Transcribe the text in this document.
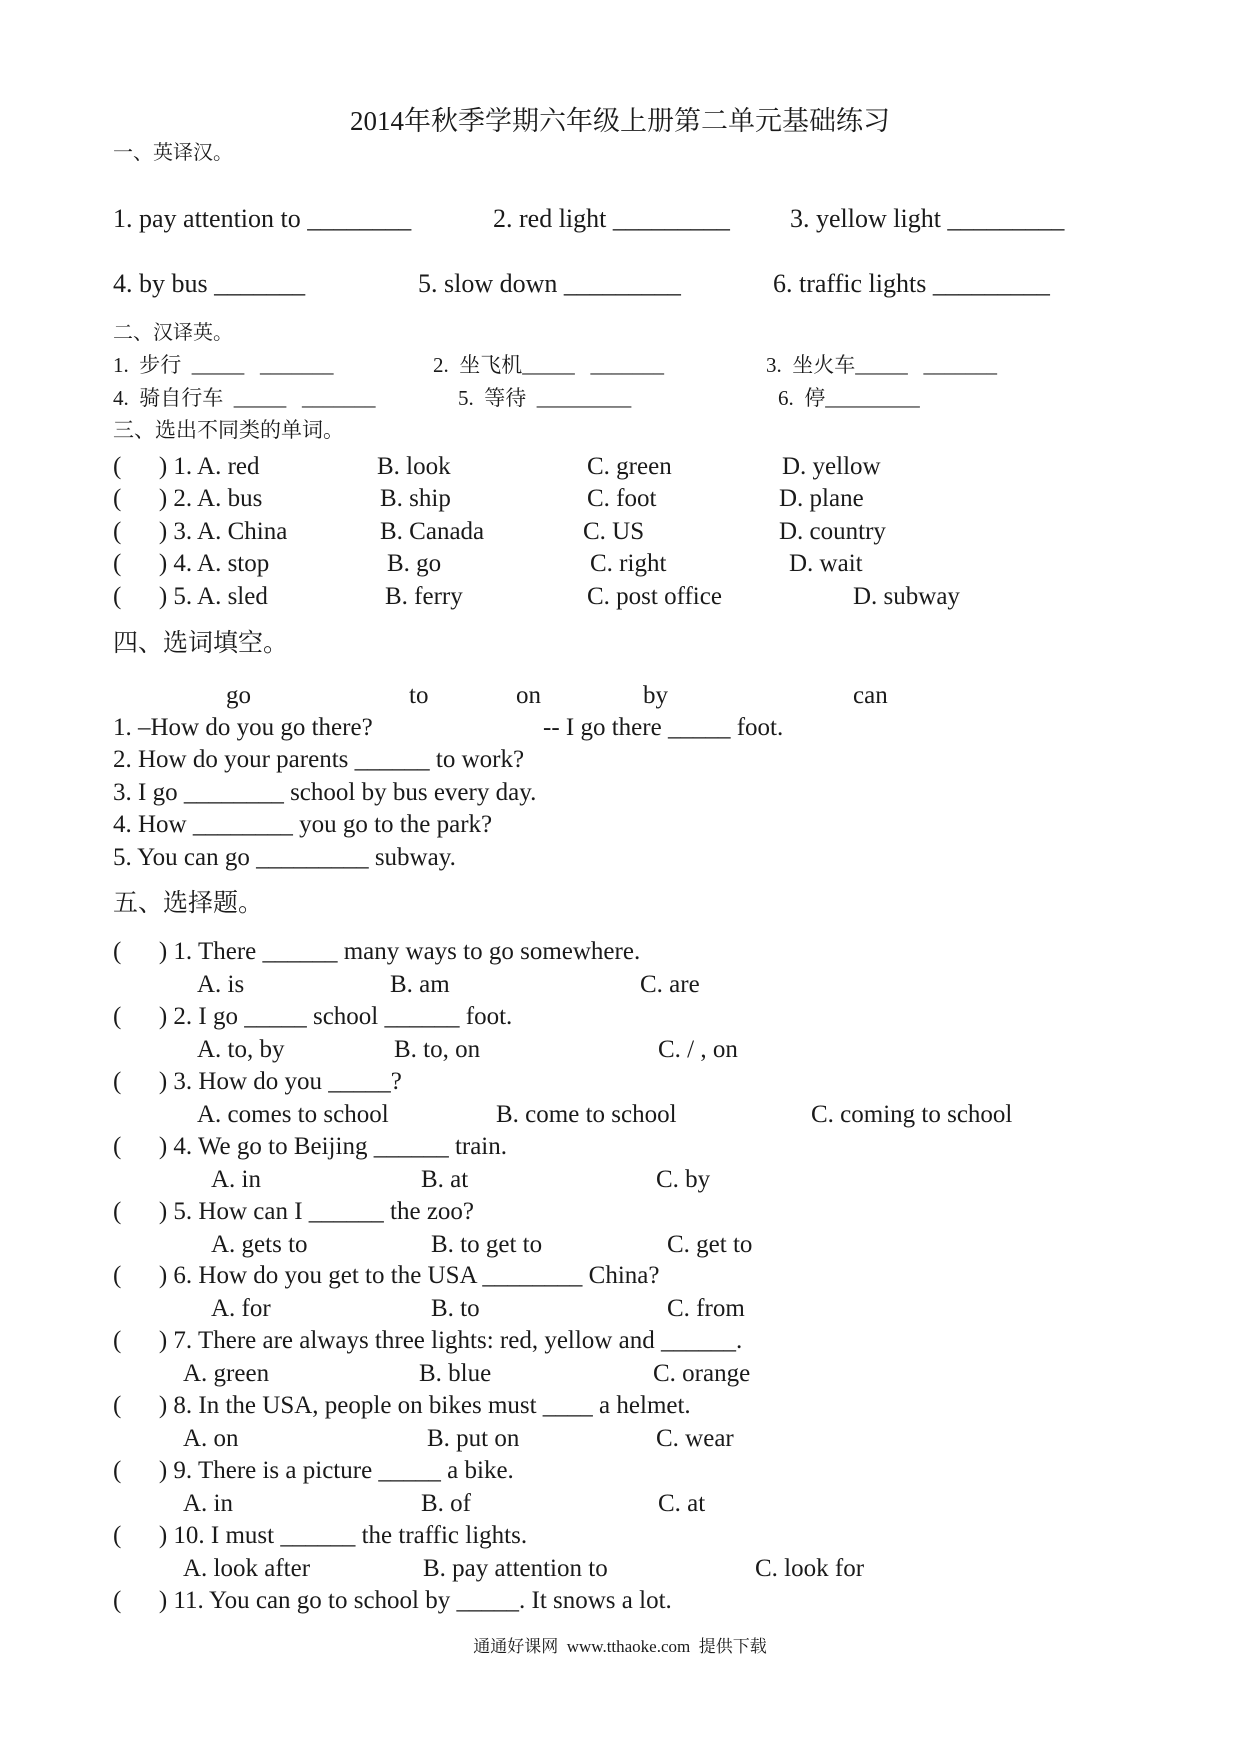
2014年秋季学期六年级上册第二单元基础练习
一、英译汉。
1. pay attention to ________	2. red light _________ 3. yellow light _________
4. by bus _______	5. slow down _________	6. traffic lights _________
二、汉译英。
1.  步行  _____   _______	2.  坐飞机_____   _______	3.  坐火车_____   _______
4.  骑自行车  _____   _______	5.  等待  _________	6.  停_________
三、选出不同类的单词。
(      ) 1. A. red	B. look	C. green	D. yellow
(      ) 2. A. bus	B. ship	C. foot	D. plane
(      ) 3. A. China	B. Canada	C. US	D. country
(      ) 4. A. stop	B. go	C. right	D. wait
(      ) 5. A. sled	B. ferry	C. post office	D. subway
四、选词填空。
go	to	on	by	can
1. –How do you go there?	-- I go there _____ foot.
2. How do your parents ______ to work?
3. I go ________ school by bus every day.
4. How ________ you go to the park?
5. You can go _________ subway.
五、选择题。
(      ) 1. There ______ many ways to go somewhere.
A. is	B. am	C. are
(      ) 2. I go _____ school ______ foot.
A. to, by	B. to, on	C. / , on
(      ) 3. How do you _____?
A. comes to school	B. come to school	C. coming to school
(      ) 4. We go to Beijing ______ train.
A. in	B. at	C. by
(      ) 5. How can I ______ the zoo?
A. gets to	B. to get to	C. get to
(      ) 6. How do you get to the USA ________ China?
A. for	B. to	C. from
(      ) 7. There are always three lights: red, yellow and ______.
A. green	B. blue	C. orange
(      ) 8. In the USA, people on bikes must ____ a helmet.
A. on	B. put on	C. wear
(      ) 9. There is a picture _____ a bike.
A. in	B. of	C. at
(      ) 10. I must ______ the traffic lights.
A. look after	B. pay attention to	C. look for
(      ) 11. You can go to school by _____. It snows a lot.
通通好课网  www.tthaoke.com  提供下载
